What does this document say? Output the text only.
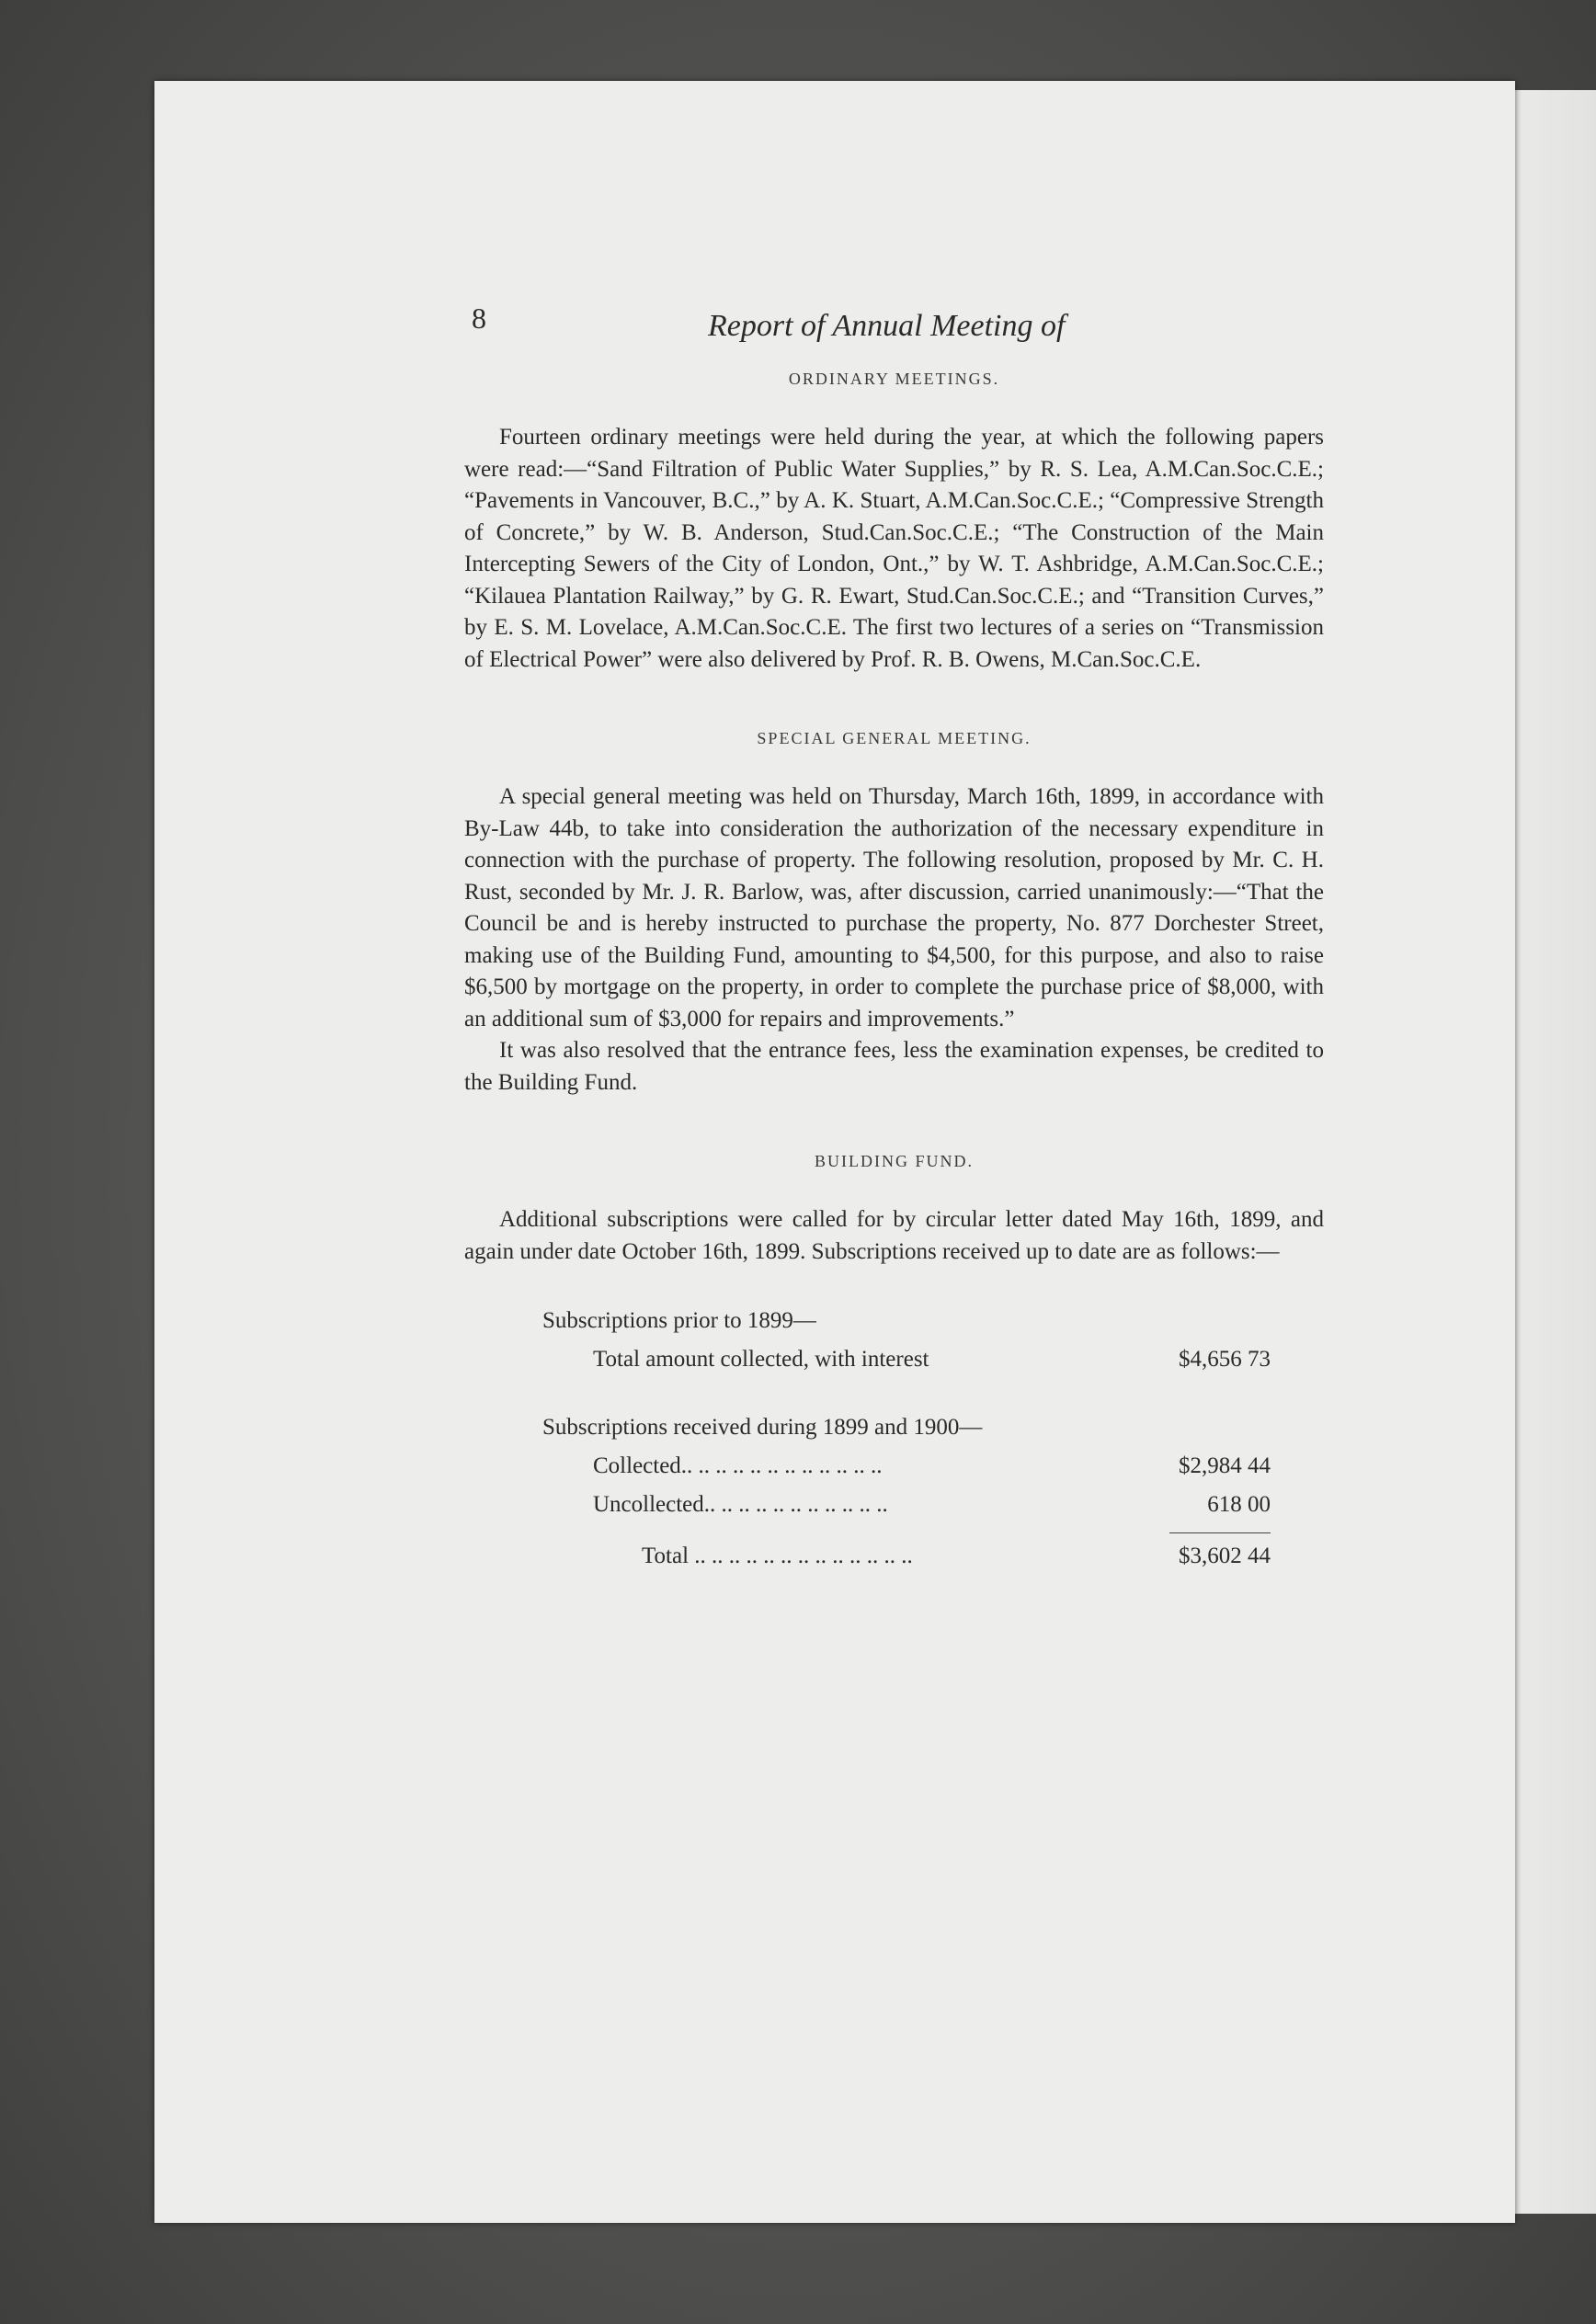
8	Report of Annual Meeting of

ORDINARY MEETINGS.

Fourteen ordinary meetings were held during the year, at which the following papers were read:—“Sand Filtration of Public Water Supplies,” by R. S. Lea, A.M.Can.Soc.C.E.; “Pavements in Vancouver, B.C.,” by A. K. Stuart, A.M.Can.Soc.C.E.; “Compressive Strength of Concrete,” by W. B. Anderson, Stud.Can.Soc.C.E.; “The Construction of the Main Intercepting Sewers of the City of London, Ont.,” by W. T. Ashbridge, A.M.Can.Soc.C.E.; “Kilauea Plantation Railway,” by G. R. Ewart, Stud.Can.Soc.C.E.; and “Transition Curves,” by E. S. M. Lovelace, A.M.Can.Soc.C.E. The first two lectures of a series on “Transmission of Electrical Power” were also delivered by Prof. R. B. Owens, M.Can.Soc.C.E.

SPECIAL GENERAL MEETING.

A special general meeting was held on Thursday, March 16th, 1899, in accordance with By-Law 44b, to take into consideration the authorization of the necessary expenditure in connection with the purchase of property. The following resolution, proposed by Mr. C. H. Rust, seconded by Mr. J. R. Barlow, was, after discussion, carried unanimously:—“That the Council be and is hereby instructed to purchase the property, No. 877 Dorchester Street, making use of the Building Fund, amounting to $4,500, for this purpose, and also to raise $6,500 by mortgage on the property, in order to complete the purchase price of $8,000, with an additional sum of $3,000 for repairs and improvements.”

It was also resolved that the entrance fees, less the examination expenses, be credited to the Building Fund.

BUILDING FUND.

Additional subscriptions were called for by circular letter dated May 16th, 1899, and again under date October 16th, 1899. Subscriptions received up to date are as follows:—

Subscriptions prior to 1899—
Total amount collected, with interest	$4,656 73
Subscriptions received during 1899 and 1900—
Collected.. .. .. .. .. .. .. .. .. .. .. ..	$2,984 44
Uncollected.. .. .. .. .. .. .. .. .. .. ..	618 00
Total .. .. .. .. .. .. .. .. .. .. .. .. ..	$3,602 44
